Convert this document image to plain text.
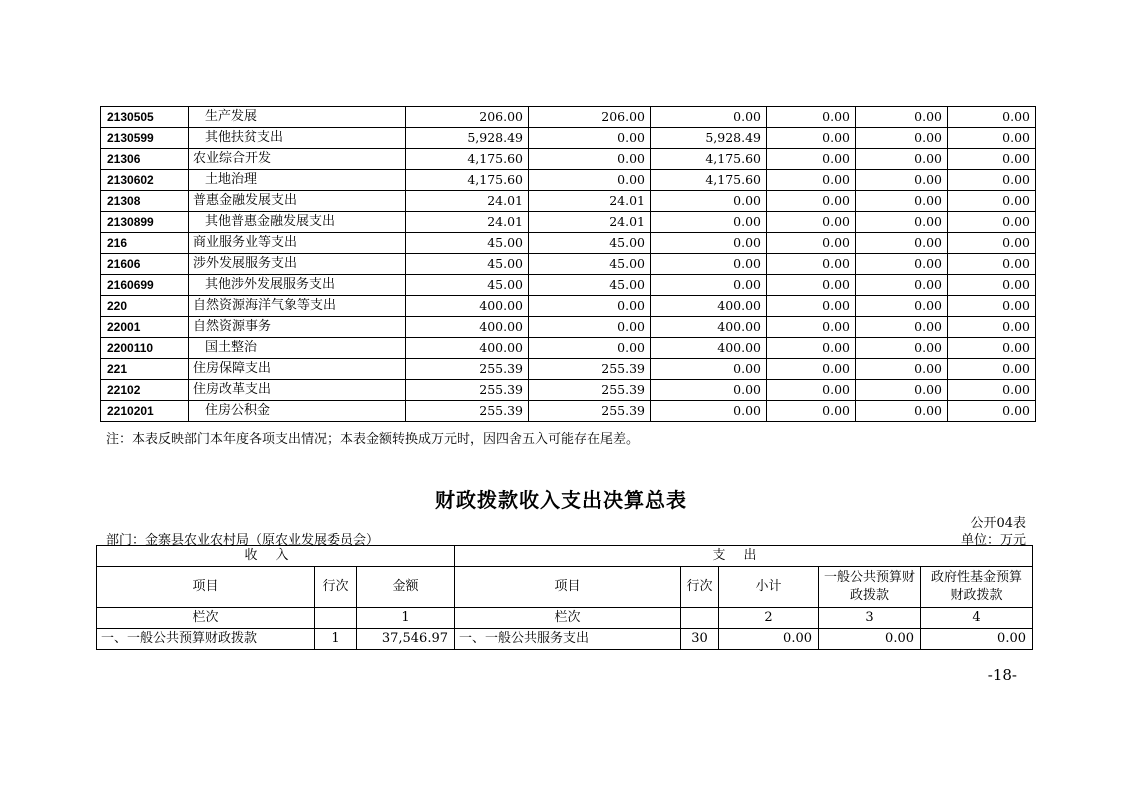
2130505	生产发展	206.00	206.00	0.00	0.00	0.00	0.00
2130599	其他扶贫支出	5,928.49	0.00	5,928.49	0.00	0.00	0.00
21306	农业综合开发	4,175.60	0.00	4,175.60	0.00	0.00	0.00
2130602	土地治理	4,175.60	0.00	4,175.60	0.00	0.00	0.00
21308	普惠金融发展支出	24.01	24.01	0.00	0.00	0.00	0.00
2130899	其他普惠金融发展支出	24.01	24.01	0.00	0.00	0.00	0.00
216	商业服务业等支出	45.00	45.00	0.00	0.00	0.00	0.00
21606	涉外发展服务支出	45.00	45.00	0.00	0.00	0.00	0.00
2160699	其他涉外发展服务支出	45.00	45.00	0.00	0.00	0.00	0.00
220	自然资源海洋气象等支出	400.00	0.00	400.00	0.00	0.00	0.00
22001	自然资源事务	400.00	0.00	400.00	0.00	0.00	0.00
2200110	国土整治	400.00	0.00	400.00	0.00	0.00	0.00
221	住房保障支出	255.39	255.39	0.00	0.00	0.00	0.00
22102	住房改革支出	255.39	255.39	0.00	0.00	0.00	0.00
2210201	住房公积金	255.39	255.39	0.00	0.00	0.00	0.00
注：本表反映部门本年度各项支出情况；本表金额转换成万元时，因四舍五入可能存在尾差。
财政拨款收入支出决算总表
公开04表
部门：金寨县农业农村局（原农业发展委员会）	单位：万元
收入			支出				
项目	行次	金额	项目	行次	小计	一般公共预算财政拨款	政府性基金预算财政拨款
栏次		1	栏次		2	3	4
一、一般公共预算财政拨款	1	37,546.97	一、一般公共服务支出	30	0.00	0.00	0.00
-18-
